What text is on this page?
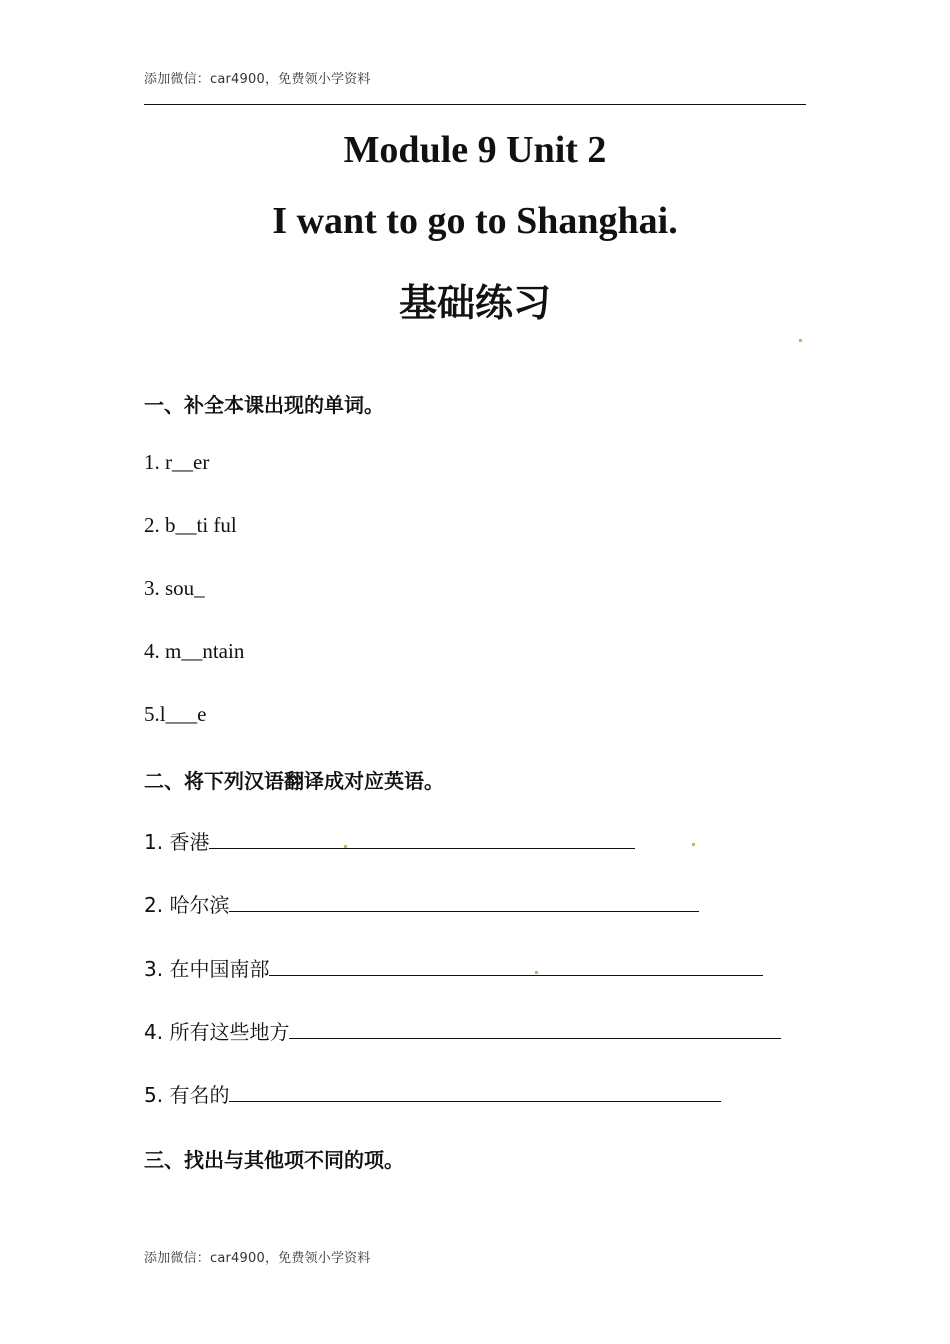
添加微信：car4900，免费领小学资料
Module 9 Unit 2
I want to go to Shanghai.
基础练习
一、补全本课出现的单词。
1. r__er
2. b__ti ful
3. sou_
4. m__ntain
5.l___e
二、将下列汉语翻译成对应英语。
1. 香港
2. 哈尔滨
3. 在中国南部
4. 所有这些地方
5. 有名的
三、找出与其他项不同的项。
添加微信：car4900，免费领小学资料
